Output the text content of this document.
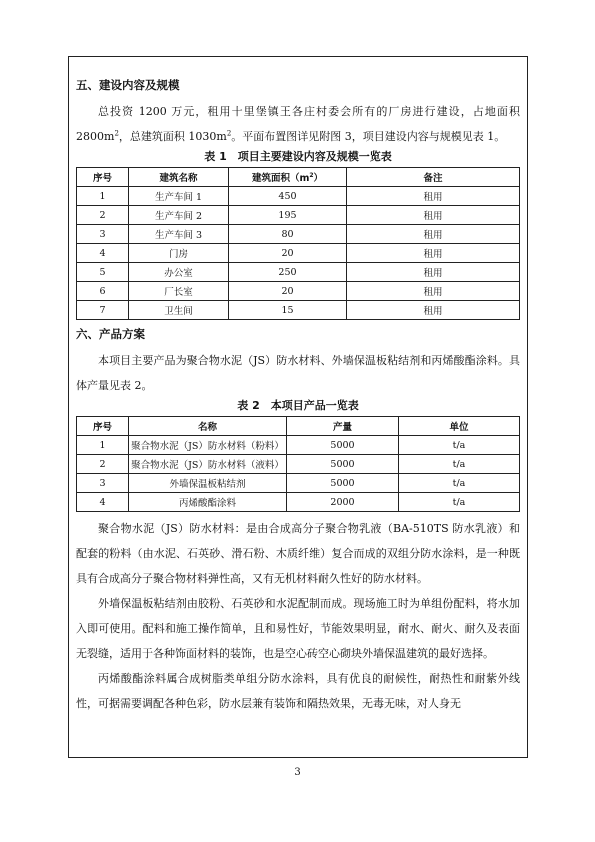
五、建设内容及规模

总投资 1200 万元，租用十里堡镇王各庄村委会所有的厂房进行建设，占地面积 $2800m^2$，总建筑面积 $1030m^2$。平面布置图详见附图 3，项目建设内容与规模见表 1。

表 1　项目主要建设内容及规模一览表
序号	建筑名称	建筑面积$(m^2)$	备注
1	生产车间 1	450	租用
2	生产车间 2	195	租用
3	生产车间 3	80	租用
4	门房	20	租用
5	办公室	250	租用
6	厂长室	20	租用
7	卫生间	15	租用
六、产品方案

本项目主要产品为聚合物水泥（JS）防水材料、外墙保温板粘结剂和丙烯酸酯涂料。具体产量见表 2。

表 2　本项目产品一览表
序号	名称	产量	单位
1	聚合物水泥（JS）防水材料（粉料）	5000	t/a
2	聚合物水泥（JS）防水材料（液料）	5000	t/a
3	外墙保温板粘结剂	5000	t/a
4	丙烯酸酯涂料	2000	t/a

聚合物水泥（JS）防水材料：是由合成高分子聚合物乳液（BA-510TS 防水乳液）和配套的粉料（由水泥、石英砂、滑石粉、木质纤维）复合而成的双组分防水涂料，是一种既具有合成高分子聚合物材料弹性高，又有无机材料耐久性好的防水材料。

外墙保温板粘结剂由胶粉、石英砂和水泥配制而成。现场施工时为单组份配料，将水加入即可使用。配料和施工操作简单，且和易性好，节能效果明显，耐水、耐火、耐久及表面无裂缝，适用于各种饰面材料的装饰，也是空心砖空心砌块外墙保温建筑的最好选择。

丙烯酸酯涂料属合成树脂类单组分防水涂料，具有优良的耐候性，耐热性和耐紫外线性，可据需要调配各种色彩，防水层兼有装饰和隔热效果，无毒无味，对人身无

3
